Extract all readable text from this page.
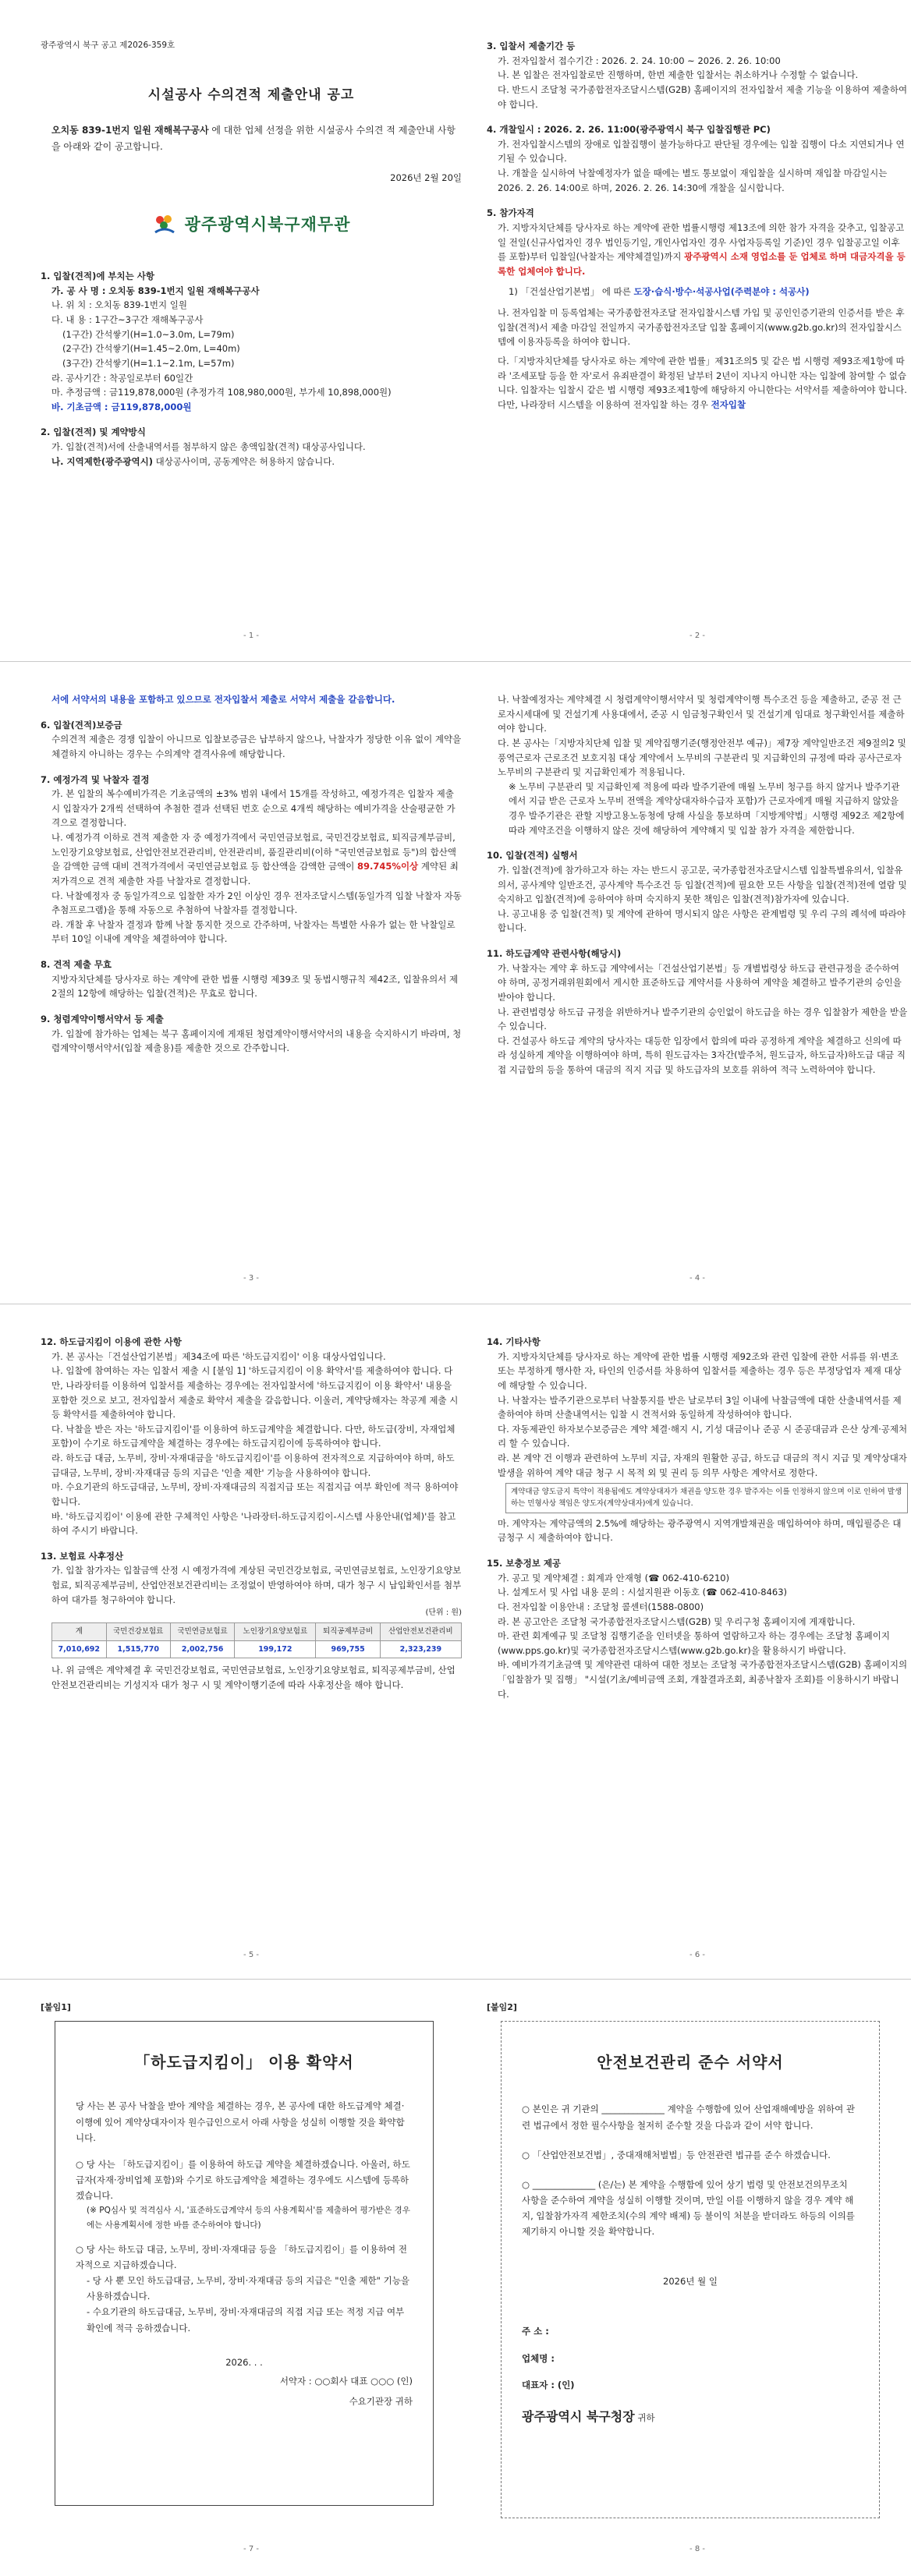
광주광역시 북구 공고 제2026-359호
시설공사 수의견적 제출안내 공고
오치동 839-1번지 일원 재해복구공사 에 대한 업체 선정을 위한 시설공사 수의견 적 제출안내 사항을 아래와 같이 공고합니다.
2026년 2월 20일
광주광역시북구재무관
1. 입찰(견적)에 부치는 사항
가. 공 사 명 : 오치동 839-1번지 일원 재해복구공사
나. 위 치 : 오치동 839-1번지 일원
다. 내 용 : 1구간~3구간 재해복구공사
(1구간) 간석쌓기(H=1.0~3.0m, L=79m)
(2구간) 간석쌓기(H=1.45~2.0m, L=40m)
(3구간) 간석쌓기(H=1.1~2.1m, L=57m)
라. 공사기간 : 착공일로부터 60일간
마. 추정금액 : 금119,878,000원 (추정가격 108,980,000원, 부가세 10,898,000원)
바. 기초금액 : 금119,878,000원
2. 입찰(견적) 및 계약방식
가. 입찰(견적)서에 산출내역서를 첨부하지 않은 총액입찰(견적) 대상공사입니다.
나. 지역제한(광주광역시) 대상공사이며, 공동계약은 허용하지 않습니다.
- 1 -
3. 입찰서 제출기간 등
가. 전자입찰서 접수기간 : 2026. 2. 24. 10:00 ~ 2026. 2. 26. 10:00
나. 본 입찰은 전자입찰로만 진행하며, 한번 제출한 입찰서는 취소하거나 수정할 수 없습니다.
다. 반드시 조달청 국가종합전자조달시스템(G2B) 홈페이지의 전자입찰서 제출 기능을 이용하여 제출하여야 합니다.
4. 개찰일시 : 2026. 2. 26. 11:00(광주광역시 북구 입찰집행관 PC)
가. 전자입찰시스템의 장애로 입찰집행이 불가능하다고 판단될 경우에는 입찰 집행이 다소 지연되거나 연기될 수 있습니다.
나. 개찰을 실시하여 낙찰예정자가 없을 때에는 별도 통보없이 재입찰을 실시하며 재입찰 마감일시는 2026. 2. 26. 14:00로 하며, 2026. 2. 26. 14:30에 개찰을 실시합니다.
5. 참가자격
가. 지방자치단체를 당사자로 하는 계약에 관한 법률시행령 제13조에 의한 참가 자격을 갖추고, 입찰공고일 전일(신규사업자인 경우 법인등기일, 개인사업자인 경우 사업자등록일 기준)인 경우 입찰공고일 이후를 포함)부터 입찰일(낙찰자는 계약체결일)까지 광주광역시 소재 영업소를 둔 업체로 하며 대금자격을 등록한 업체여야 합니다.
1) 「건설산업기본법」 에 따른 도장·습식·방수·석공사업(주력분야 : 석공사)
나. 전자입찰 미 등록업체는 국가종합전자조달 전자입찰시스템 가입 및 공인인증기관의 인증서를 받은 후 입찰(견적)서 제출 마감일 전일까지 국가종합전자조달 입찰 홈페이지(www.g2b.go.kr)의 전자입찰시스템에 이용자등록을 하여야 합니다.
다.「지방자치단체를 당사자로 하는 계약에 관한 법률」제31조의5 및 같은 법 시행령 제93조제1항에 따라 '조세포탈 등을 한 자'로서 유죄판결이 확정된 날부터 2년이 지나지 아니한 자는 입찰에 참여할 수 없습니다. 입찰자는 입찰시 같은 법 시행령 제93조제1항에 해당하지 아니한다는 서약서를 제출하여야 합니다. 다만, 나라장터 시스템을 이용하여 전자입찰 하는 경우 전자입찰
- 2 -
서에 서약서의 내용을 포함하고 있으므로 전자입찰서 제출로 서약서 제출을 갈음합니다.
6. 입찰(견적)보증금
수의견적 제출은 경쟁 입찰이 아니므로 입찰보증금은 납부하지 않으나, 낙찰자가 정당한 이유 없이 계약을 체결하지 아니하는 경우는 수의계약 결격사유에 해당합니다.
7. 예정가격 및 낙찰자 결정
가. 본 입찰의 복수예비가격은 기초금액의 ±3% 범위 내에서 15개를 작성하고, 예정가격은 입찰자 제출 시 입찰자가 2개씩 선택하여 추첨한 결과 선택된 번호 순으로 4개씩 해당하는 예비가격을 산술평균한 가격으로 결정합니다.
나. 예정가격 이하로 견적 제출한 자 중 예정가격에서 국민연금보험료, 국민건강보험료, 퇴직금계부금비, 노인장기요양보험료, 산업안전보건관리비, 안전관리비, 품질관리비(이하 "국민연금보험료 등")의 합산액을 감액한 금액 대비 견적가격에서 국민연금보험료 등 합산액을 감액한 금액이 89.745%이상 계약된 최저가격으로 견적 제출한 자를 낙찰자로 결정합니다.
다. 낙찰예정자 중 동일가격으로 입찰한 자가 2인 이상인 경우 전자조달시스템(동일가격 입찰 낙찰자 자동추첨프로그램)을 통해 자동으로 추첨하여 낙찰자를 결정합니다.
라. 개찰 후 낙찰자 결정과 함께 낙찰 통지한 것으로 간주하며, 낙찰자는 특별한 사유가 없는 한 낙찰일로부터 10일 이내에 계약을 체결하여야 합니다.
8. 견적 제출 무효
지방자치단체를 당사자로 하는 계약에 관한 법률 시행령 제39조 및 동법시행규칙 제42조, 입찰유의서 제2절의 12항에 해당하는 입찰(견적)은 무효로 합니다.
9. 청렴계약이행서약서 등 제출
가. 입찰에 참가하는 업체는 북구 홈페이지에 게재된 청렴계약이행서약서의 내용을 숙지하시기 바라며, 청렴계약이행서약서(입찰 제출용)를 제출한 것으로 간주합니다.
- 3 -
나. 낙찰예정자는 계약체결 시 청렴계약이행서약서 및 청렴계약이행 특수조건 등을 제출하고, 준공 전 근로자시세대에 및 건설기계 사용대에서, 준공 시 임금청구확인서 및 건설기계 임대료 청구확인서를 제출하여야 합니다.
다. 본 공사는「지방자치단체 입찰 및 계약집행기준(행정안전부 예규)」제7장 계약일반조건 제9절의2 및 풍역근로자 근로조건 보호지침 대상 계약에서 노무비의 구분관리 및 지급확인의 규정에 따라 공사근로자 노무비의 구분관리 및 지급확인제가 적용됩니다.
※ 노무비 구분관리 및 지급확인제 적용에 따라 발주기관에 매월 노무비 청구를 하지 않거나 발주기관에서 지급 받은 근로자 노무비 전액을 계약상대자하수급자 포함)가 근로자에게 매월 지급하지 않았을 경우 발주기관은 관할 지방고용노동청에 당해 사실을 통보하며「지방계약법」시행령 제92조 제2항에 따라 계약조건을 이행하지 않은 것에 해당하여 계약해지 및 입찰 참가 자격을 제한합니다.
10. 입찰(견적) 실행서
가. 입찰(견적)에 참가하고자 하는 자는 반드시 공고문, 국가종합전자조달시스템 입찰특별유의서, 입찰유의서, 공사계약 일반조건, 공사계약 특수조건 등 입찰(견적)에 필요한 모든 사항을 입찰(견적)전에 열람 및 숙지하고 입찰(견적)에 응하여야 하며 숙지하지 못한 책임은 입찰(견적)참가자에 있습니다.
나. 공고내용 중 입찰(견적) 및 계약에 관하여 명시되지 않은 사항은 관계법령 및 우리 구의 례석에 따라야 합니다.
11. 하도급계약 관련사항(해당시)
가. 낙찰자는 계약 후 하도급 계약에서는「건설산업기본법」등 개별법령상 하도급 관련규정을 준수하여야 하며, 공정거래위원회에서 게시한 표준하도급 계약서를 사용하여 계약을 체결하고 발주기관의 승인을 받아야 합니다.
나. 관련법령상 하도급 규정을 위반하거나 발주기관의 승인없이 하도급을 하는 경우 입찰참가 제한을 받을 수 있습니다.
다. 건설공사 하도급 계약의 당사자는 대등한 입장에서 합의에 따라 공정하게 계약을 체결하고 신의에 따라 성실하게 계약을 이행하여야 하며, 특히 원도급자는 3자간(발주처, 원도급자, 하도급자)하도급 대금 직접 지급합의 등을 통하여 대금의 직지 지급 및 하도급자의 보호를 위하여 적극 노력하여야 합니다.
- 4 -
12. 하도급지킴이 이용에 관한 사항
가. 본 공사는「건설산업기본법」제34조에 따른 '하도급지킴이' 이용 대상사업입니다.
나. 입찰에 참여하는 자는 입찰서 제출 시 [붙임 1] '하도급지킴이 이용 확약서'를 제출하여야 합니다. 다만, 나라장터를 이용하여 입찰서를 제출하는 경우에는 전자입찰서에 '하도급지킴이 이용 확약서' 내용을 포함한 것으로 보고, 전자입찰서 제출로 확약서 제출을 갈음합니다. 이울러, 계약당해자는 착공계 제출 시 등 확약서를 제출하여야 합니다.
다. 낙찰을 받은 자는 '하도급지킴이'를 이용하여 하도급계약을 체결합니다. 다만, 하도급(장비, 자재업체 포함)이 수기로 하도급계약을 체결하는 경우에는 하도급지킴이에 등록하여야 합니다.
라. 하도급 대금, 노무비, 장비·자재대금을 '하도급지킴이'를 이용하여 전자적으로 지급하여야 하며, 하도급대금, 노무비, 장비·자재대금 등의 지급은 '인출 제한' 기능을 사용하여야 합니다.
마. 수요기관의 하도급대금, 노무비, 장비·자재대금의 직접지급 또는 직접지급 여부 확인에 적극 용하여야 합니다.
바. '하도급지킴이' 이용에 관한 구체적인 사항은 '나라장터-하도급지킴이-시스템 사용안내(업체)'를 참고하여 주시기 바랍니다.
13. 보험료 사후정산
가. 입찰 참가자는 입찰금액 산정 시 예정가격에 계상된 국민건강보험료, 국민연금보험료, 노인장기요양보험료, 퇴직공제부금비, 산업안전보건관리비는 조정없이 반영하여야 하며, 대가 청구 시 납입확인서를 첨부하여 대가를 청구하여야 합니다.
(단위 : 원)
계	국민건강보험료	국민연금보험료	노인장기요양보험료	퇴직공제부금비	산업안전보건관리비
7,010,692	1,515,770	2,002,756	199,172	969,755	2,323,239
나. 위 금액은 계약체결 후 국민건강보험료, 국민연금보험료, 노인장기요양보험료, 퇴직공제부금비, 산업안전보건관리비는 기성지자 대가 청구 시 및 계약이행기준에 따라 사후정산을 해야 합니다.
- 5 -
14. 기타사항
가. 지방자치단체를 당사자로 하는 계약에 관한 법률 시행령 제92조와 관련 입찰에 관한 서류를 위·변조 또는 부정하게 행사한 자, 타인의 인증서를 차용하여 입찰서를 제출하는 경우 등은 부정당업자 제재 대상에 해당할 수 있습니다.
나. 낙찰자는 발주기관으로부터 낙찰통지를 받은 날로부터 3일 이내에 낙찰금액에 대한 산출내역서를 제출하여야 하며 산출내역서는 입찰 시 견적서와 동일하게 작성하여야 합니다.
다. 자동제관인 하자보수보증금은 계약 체결·해지 시, 기성 대금이나 준공 시 준공대금과 은산 상계·공제처리 할 수 있습니다.
라. 본 계약 건 이행과 관련하여 노무비 지급, 자재의 원활한 공급, 하도급 대금의 적시 지급 및 계약상대자 발생을 위하여 계약 대금 청구 시 목적 외 및 권리 등 의무 사항은 계약서로 정한다.
계약대금 양도금지 특약이 적용됨에도 계약상대자가 채권을 양도한 경우 발주자는 이를 인정하지 않으며 이로 인하여 발생하는 민형사상 책임은 양도자(계약상대자)에게 있습니다.
마. 계약자는 계약금액의 2.5%에 해당하는 광주광역시 지역개발채권을 매입하여야 하며, 매입필증은 대금청구 시 제출하여야 합니다.
15. 보충정보 제공
가. 공고 및 계약체결 : 회계과 안재형 (☎ 062-410-6210)
나. 설계도서 및 사업 내용 문의 : 시설지원관 이동호 (☎ 062-410-8463)
다. 전자입찰 이용안내 : 조달청 콜센터(1588-0800)
라. 본 공고안은 조달청 국가종합전자조달시스템(G2B) 및 우리구청 홈페이지에 게재합니다.
마. 관련 회계예규 및 조달청 집행기준을 인터넷을 통하여 열람하고자 하는 경우에는 조달청 홈페이지(www.pps.go.kr)및 국가종합전자조달시스템(www.g2b.go.kr)을 활용하시기 바랍니다.
바. 예비가격기초금액 및 계약관련 대하여 대한 정보는 조달청 국가종합전자조달시스템(G2B) 홈페이지의 「입찰참가 및 집행」 "시설(기초/예비금액 조회, 개찰결과조회, 최종낙찰자 조회)를 이용하시기 바랍니다.
- 6 -
[붙임1]
「하도급지킴이」 이용 확약서
당 사는 본 공사 낙찰을 받아 계약을 체결하는 경우, 본 공사에 대한 하도급계약 체결·이행에 있어 계약상대자이자 원수급인으로서 아래 사항을 성실히 이행할 것을 확약합니다.
○ 당 사는 「하도급지킴이」를 이용하여 하도급 계약을 체결하겠습니다. 아울러, 하도급자(자재·장비업체 포함)와 수기로 하도급계약을 체결하는 경우에도 시스템에 등록하겠습니다.
(※ PQ심사 및 적격심사 시, '표준하도급계약서 등의 사용계획서'를 제출하여 평가받은 경우에는 사용계획서에 정한 바를 준수하여야 합니다)
○ 당 사는 하도급 대금, 노무비, 장비·자재대금 등을 「하도급지킴이」를 이용하여 전자적으로 지급하겠습니다.
- 당 사 뿐 모인 하도급대금, 노무비, 장비·자재대금 등의 지급은 "인출 제한" 기능을 사용하겠습니다.
- 수요기관의 하도급대금, 노무비, 장비·자재대금의 직접 지급 또는 적정 지급 여부 확인에 적극 응하겠습니다.
2026. . .
서약자 : ○○회사 대표 ○○○ (인)
수요기관장 귀하
- 7 -
[붙임2]
안전보건관리 준수 서약서
○ 본인은 귀 기관의 ______________ 계약을 수행함에 있어 산업재해예방을 위하여 관련 법규에서 정한 필수사항을 철저히 준수할 것을 다음과 같이 서약 합니다.
○ 「산업안전보건법」, 중대재해처벌법」등 안전관련 법규를 준수 하겠습니다.
○ ______________ (은/는) 본 계약을 수행함에 있어 상기 법령 및 안전보건의무조치 사항을 준수하여 계약을 성실히 이행할 것이며, 만일 이를 이행하지 않을 경우 계약 해지, 입찰참가자격 제한조치(수의 계약 배제) 등 불이익 처분을 받더라도 하등의 이의를 제기하지 아니할 것을 확약합니다.
2026년 월 일
주 소 :
업체명 :
대표자 : (인)
광주광역시 북구청장 귀하
- 8 -
